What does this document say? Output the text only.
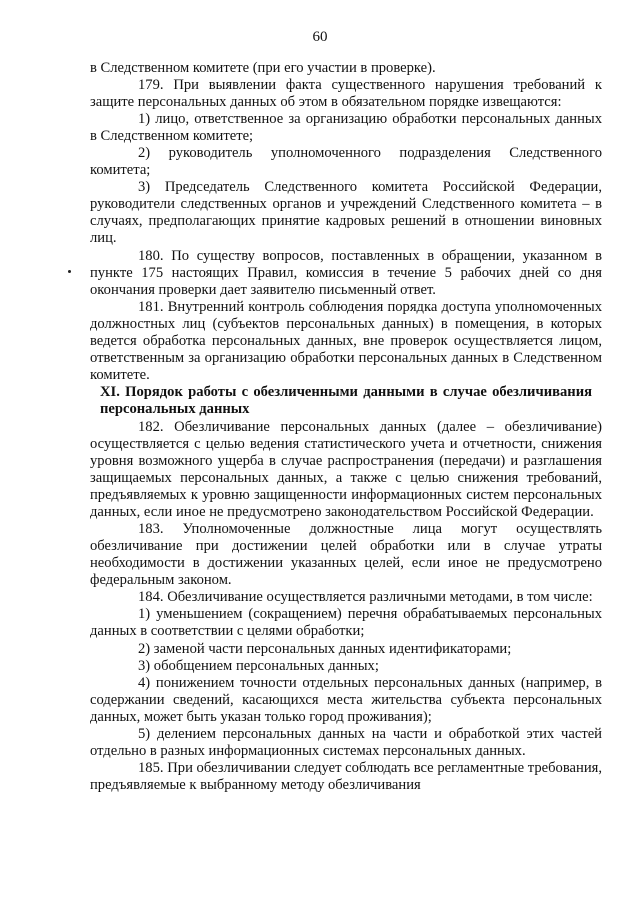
60

в Следственном комитете (при его участии в проверке).

179. При выявлении факта существенного нарушения требований к защите персональных данных об этом в обязательном порядке извещаются:

1) лицо, ответственное за организацию обработки персональных данных в Следственном комитете;

2) руководитель уполномоченного подразделения Следственного комитета;

3) Председатель Следственного комитета Российской Федерации, руководители следственных органов и учреждений Следственного комитета – в случаях, предполагающих принятие кадровых решений в отношении виновных лиц.

180. По существу вопросов, поставленных в обращении, указанном в пункте 175 настоящих Правил, комиссия в течение 5 рабочих дней со дня окончания проверки дает заявителю письменный ответ.

181. Внутренний контроль соблюдения порядка доступа уполномоченных должностных лиц (субъектов персональных данных) в помещения, в которых ведется обработка персональных данных, вне проверок осуществляется лицом, ответственным за организацию обработки персональных данных в Следственном комитете.

XI. Порядок работы с обезличенными данными в случае обезличивания персональных данных

182. Обезличивание персональных данных (далее – обезличивание) осуществляется с целью ведения статистического учета и отчетности, снижения уровня возможного ущерба в случае распространения (передачи) и разглашения защищаемых персональных данных, а также с целью снижения требований, предъявляемых к уровню защищенности информационных систем персональных данных, если иное не предусмотрено законодательством Российской Федерации.

183. Уполномоченные должностные лица могут осуществлять обезличивание при достижении целей обработки или в случае утраты необходимости в достижении указанных целей, если иное не предусмотрено федеральным законом.

184. Обезличивание осуществляется различными методами, в том числе:

1) уменьшением (сокращением) перечня обрабатываемых персональных данных в соответствии с целями обработки;

2) заменой части персональных данных идентификаторами;

3) обобщением персональных данных;

4) понижением точности отдельных персональных данных (например, в содержании сведений, касающихся места жительства субъекта персональных данных, может быть указан только город проживания);

5) делением персональных данных на части и обработкой этих частей отдельно в разных информационных системах персональных данных.

185. При обезличивании следует соблюдать все регламентные требования, предъявляемые к выбранному методу обезличивания
